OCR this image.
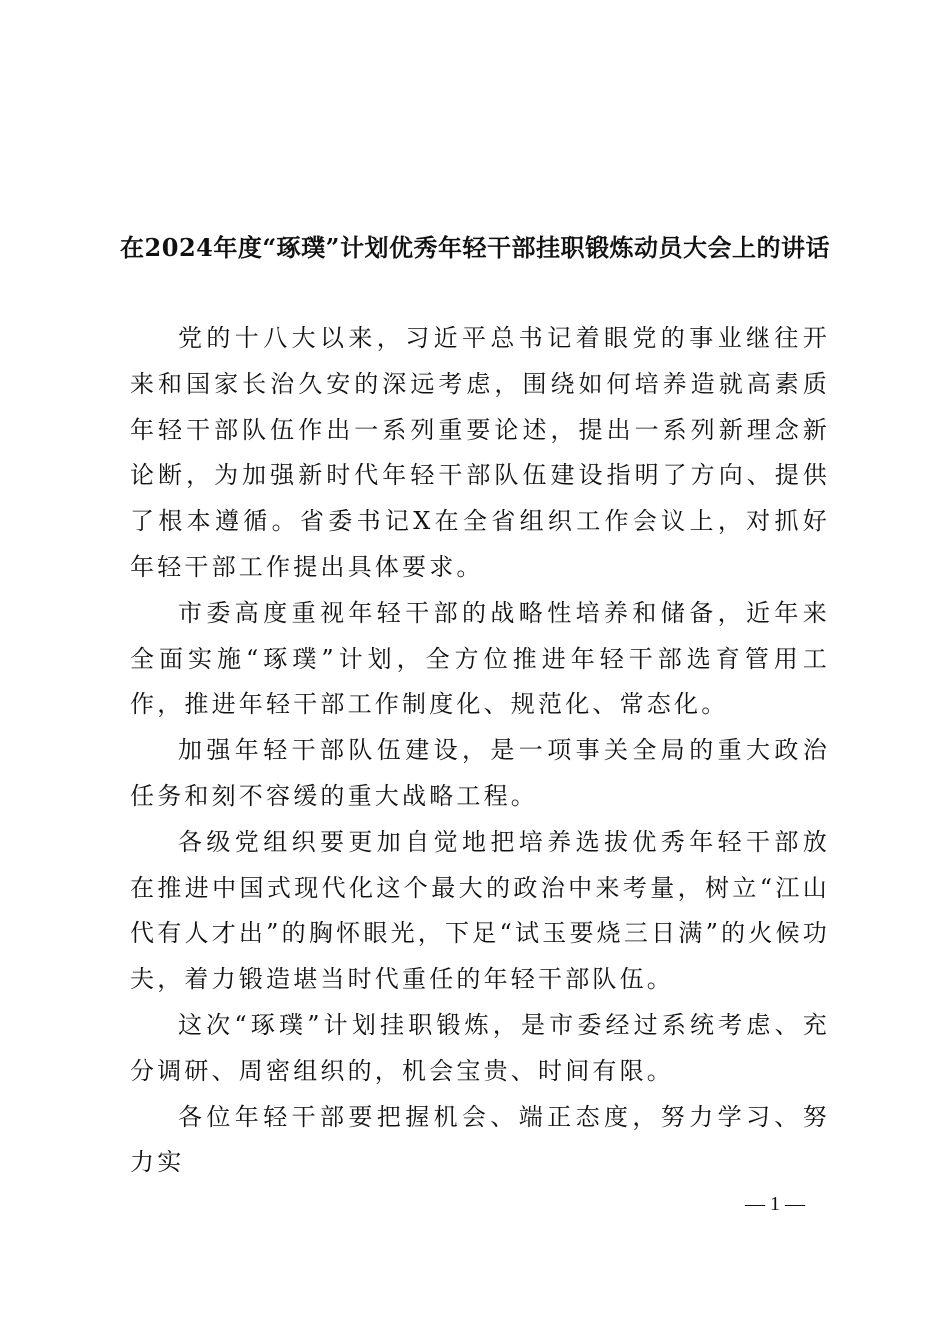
在2024年度“琢璞”计划优秀年轻干部挂职锻炼动员大会上的讲话

党的十八大以来，习近平总书记着眼党的事业继往开来和国家长治久安的深远考虑，围绕如何培养造就高素质年轻干部队伍作出一系列重要论述，提出一系列新理念新论断，为加强新时代年轻干部队伍建设指明了方向、提供了根本遵循。省委书记X在全省组织工作会议上，对抓好年轻干部工作提出具体要求。

市委高度重视年轻干部的战略性培养和储备，近年来全面实施“琢璞”计划，全方位推进年轻干部选育管用工作，推进年轻干部工作制度化、规范化、常态化。

加强年轻干部队伍建设，是一项事关全局的重大政治任务和刻不容缓的重大战略工程。

各级党组织要更加自觉地把培养选拔优秀年轻干部放在推进中国式现代化这个最大的政治中来考量，树立“江山代有人才出”的胸怀眼光，下足“试玉要烧三日满”的火候功夫，着力锻造堪当时代重任的年轻干部队伍。

这次“琢璞”计划挂职锻炼，是市委经过系统考虑、充分调研、周密组织的，机会宝贵、时间有限。

各位年轻干部要把握机会、端正态度，努力学习、努力实

— 1 —
